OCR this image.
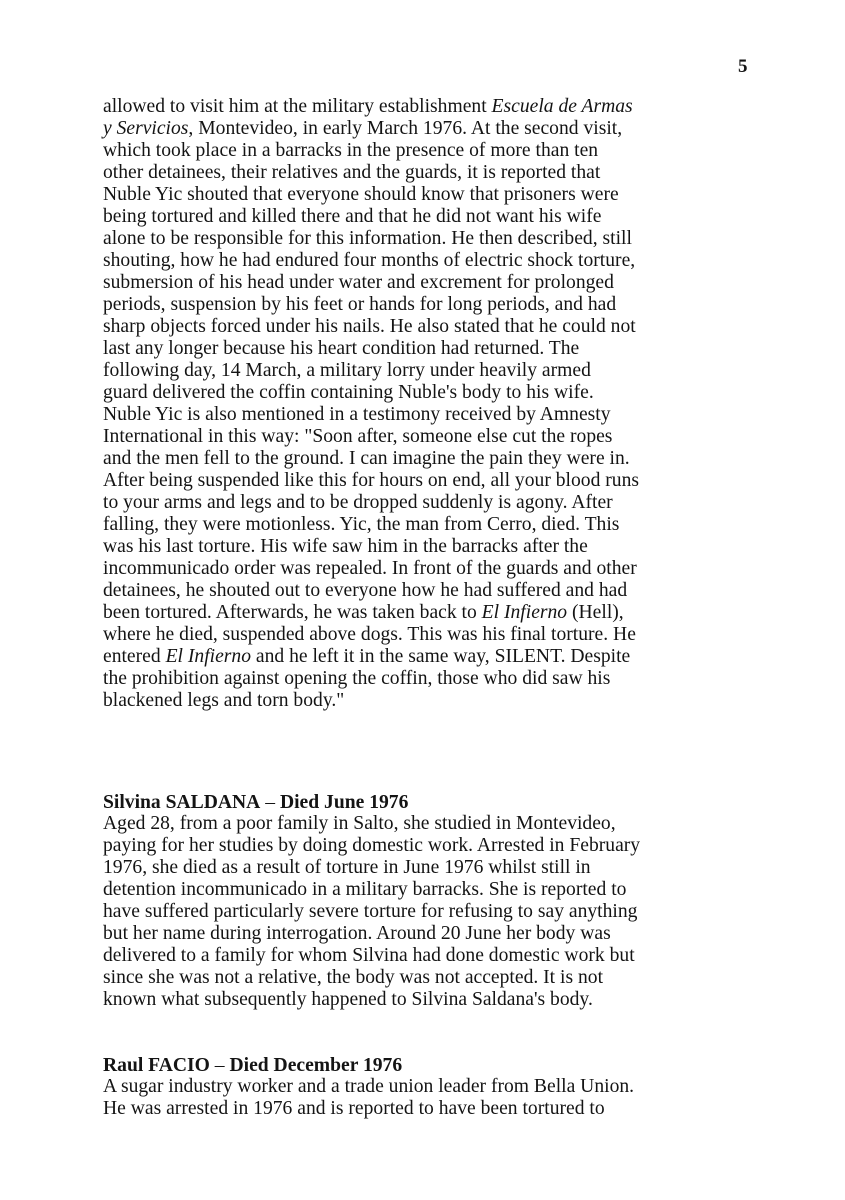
5
allowed to visit him at the military establishment Escuela de Armas
y Servicios, Montevideo, in early March 1976. At the second visit,
which took place in a barracks in the presence of more than ten
other detainees, their relatives and the guards, it is reported that
Nuble Yic shouted that everyone should know that prisoners were
being tortured and killed there and that he did not want his wife
alone to be responsible for this information. He then described, still
shouting, how he had endured four months of electric shock torture,
submersion of his head under water and excrement for prolonged
periods, suspension by his feet or hands for long periods, and had
sharp objects forced under his nails. He also stated that he could not
last any longer because his heart condition had returned. The
following day, 14 March, a military lorry under heavily armed
guard delivered the coffin containing Nuble's body to his wife.
Nuble Yic is also mentioned in a testimony received by Amnesty
International in this way: "Soon after, someone else cut the ropes
and the men fell to the ground. I can imagine the pain they were in.
After being suspended like this for hours on end, all your blood runs
to your arms and legs and to be dropped suddenly is agony. After
falling, they were motionless. Yic, the man from Cerro, died. This
was his last torture. His wife saw him in the barracks after the
incommunicado order was repealed. In front of the guards and other
detainees, he shouted out to everyone how he had suffered and had
been tortured. Afterwards, he was taken back to El Infierno (Hell),
where he died, suspended above dogs. This was his final torture. He
entered El Infierno and he left it in the same way, SILENT. Despite
the prohibition against opening the coffin, those who did saw his
blackened legs and torn body."
Silvina SALDANA – Died June 1976
Aged 28, from a poor family in Salto, she studied in Montevideo,
paying for her studies by doing domestic work. Arrested in February
1976, she died as a result of torture in June 1976 whilst still in
detention incommunicado in a military barracks. She is reported to
have suffered particularly severe torture for refusing to say anything
but her name during interrogation. Around 20 June her body was
delivered to a family for whom Silvina had done domestic work but
since she was not a relative, the body was not accepted. It is not
known what subsequently happened to Silvina Saldana's body.
Raul FACIO – Died December 1976
A sugar industry worker and a trade union leader from Bella Union.
He was arrested in 1976 and is reported to have been tortured to
